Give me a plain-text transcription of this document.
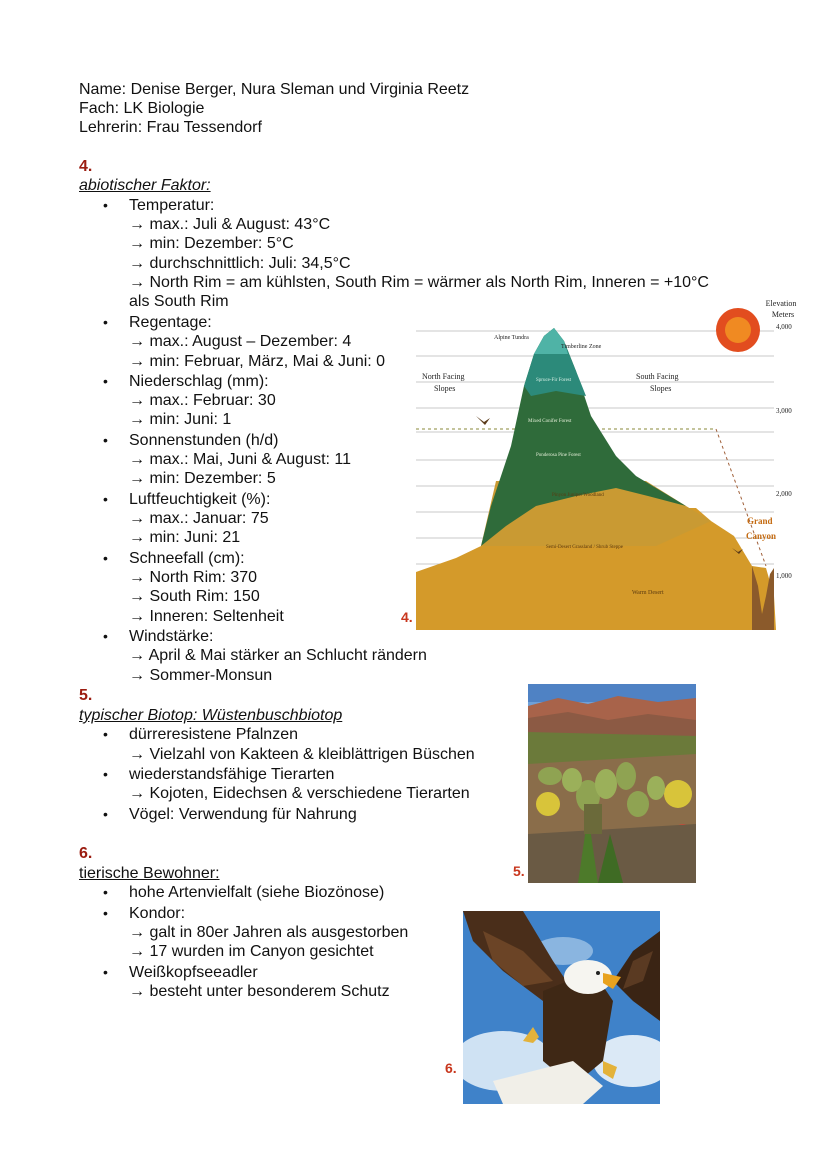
Name: Denise Berger, Nura Sleman und Virginia Reetz
Fach: LK Biologie
Lehrerin: Frau Tessendorf
4.
abiotischer Faktor:
• Temperatur:
→ max.: Juli & August: 43°C
→ min: Dezember: 5°C
→ durchschnittlich: Juli: 34,5°C
→ North Rim = am kühlsten, South Rim = wärmer als North Rim, Inneren = +10°C
als South Rim
• Regentage:
→ max.: August – Dezember: 4
→ min: Februar, März, Mai & Juni: 0
• Niederschlag (mm):
→ max.: Februar: 30
→ min: Juni: 1
• Sonnenstunden (h/d)
→ max.: Mai, Juni & August: 11
→ min: Dezember: 5
• Luftfeuchtigkeit (%):
→ max.: Januar: 75
→ min: Juni: 21
• Schneefall (cm):
→ North Rim: 370
→ South Rim: 150
→ Inneren: Seltenheit
• Windstärke:
→ April & Mai stärker an Schlucht rändern
→ Sommer-Monsun
4.
Elevation
Meters
4,000
3,000
2,000
1,000
Alpine Tundra
Timberline Zone
North Facing
Slopes
South Facing
Slopes
Spruce-Fir Forest
Mixed Conifer Forest
Ponderosa Pine Forest
Pinyon Juniper Woodland
Semi-Desert Grassland / Shrub Steppe
Warm Desert
Grand
Canyon
5.
typischer Biotop: Wüstenbuschbiotop
• dürreresistene Pfalnzen
→ Vielzahl von Kakteen & kleiblättrigen Büschen
• wiederstandsfähige Tierarten
→ Kojoten, Eidechsen & verschiedene Tierarten
• Vögel: Verwendung für Nahrung
5.
6.
tierische Bewohner:
• hohe Artenvielfalt (siehe Biozönose)
• Kondor:
→ galt in 80er Jahren als ausgestorben
→ 17 wurden im Canyon gesichtet
• Weißkopfseeadler
→ besteht unter besonderem Schutz
6.
